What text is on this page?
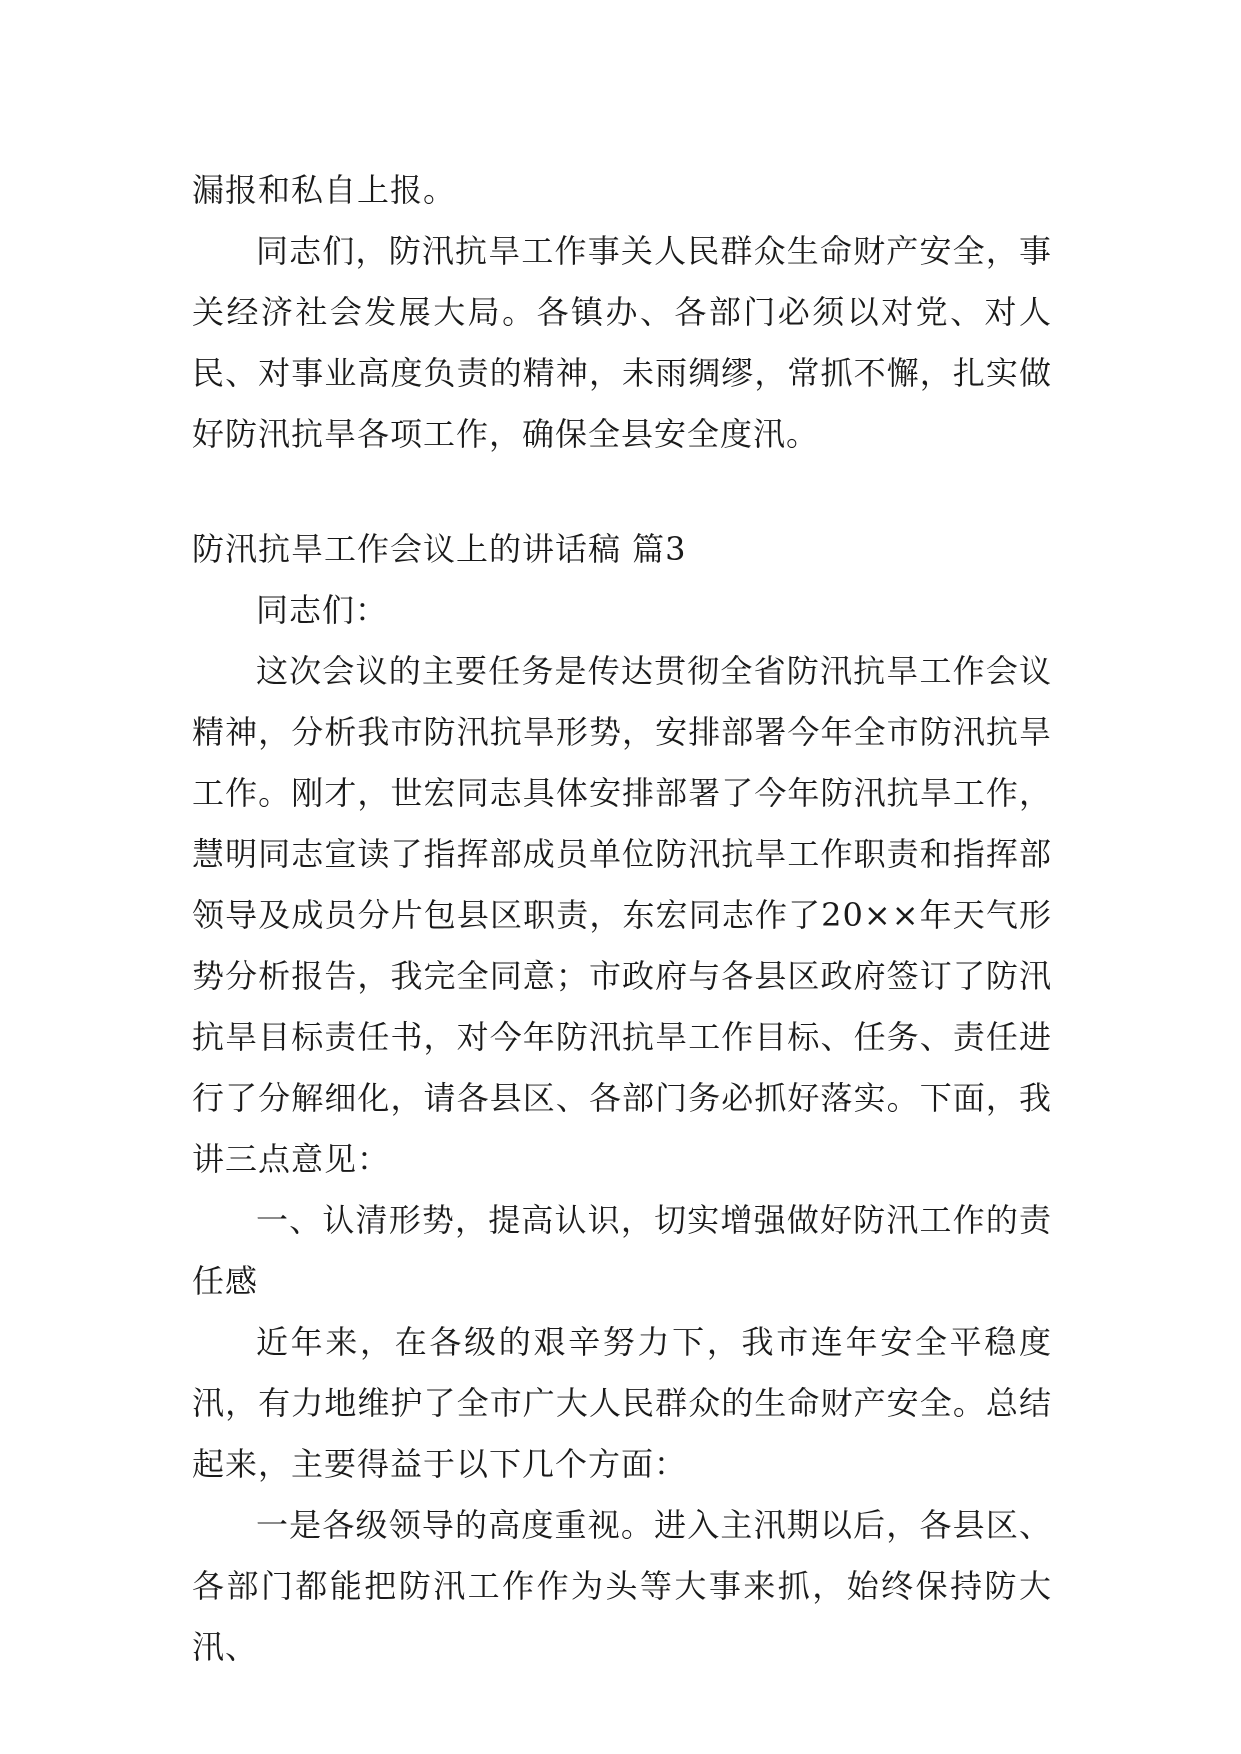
漏报和私自上报。

同志们，防汛抗旱工作事关人民群众生命财产安全，事关经济社会发展大局。各镇办、各部门必须以对党、对人民、对事业高度负责的精神，未雨绸缪，常抓不懈，扎实做好防汛抗旱各项工作，确保全县安全度汛。

防汛抗旱工作会议上的讲话稿 篇3

同志们：

这次会议的主要任务是传达贯彻全省防汛抗旱工作会议精神，分析我市防汛抗旱形势，安排部署今年全市防汛抗旱工作。刚才，世宏同志具体安排部署了今年防汛抗旱工作，慧明同志宣读了指挥部成员单位防汛抗旱工作职责和指挥部领导及成员分片包县区职责，东宏同志作了20××年天气形势分析报告，我完全同意；市政府与各县区政府签订了防汛抗旱目标责任书，对今年防汛抗旱工作目标、任务、责任进行了分解细化，请各县区、各部门务必抓好落实。下面，我讲三点意见：

一、认清形势，提高认识，切实增强做好防汛工作的责任感

近年来，在各级的艰辛努力下，我市连年安全平稳度汛，有力地维护了全市广大人民群众的生命财产安全。总结起来，主要得益于以下几个方面：

一是各级领导的高度重视。进入主汛期以后，各县区、各部门都能把防汛工作作为头等大事来抓，始终保持防大汛、
